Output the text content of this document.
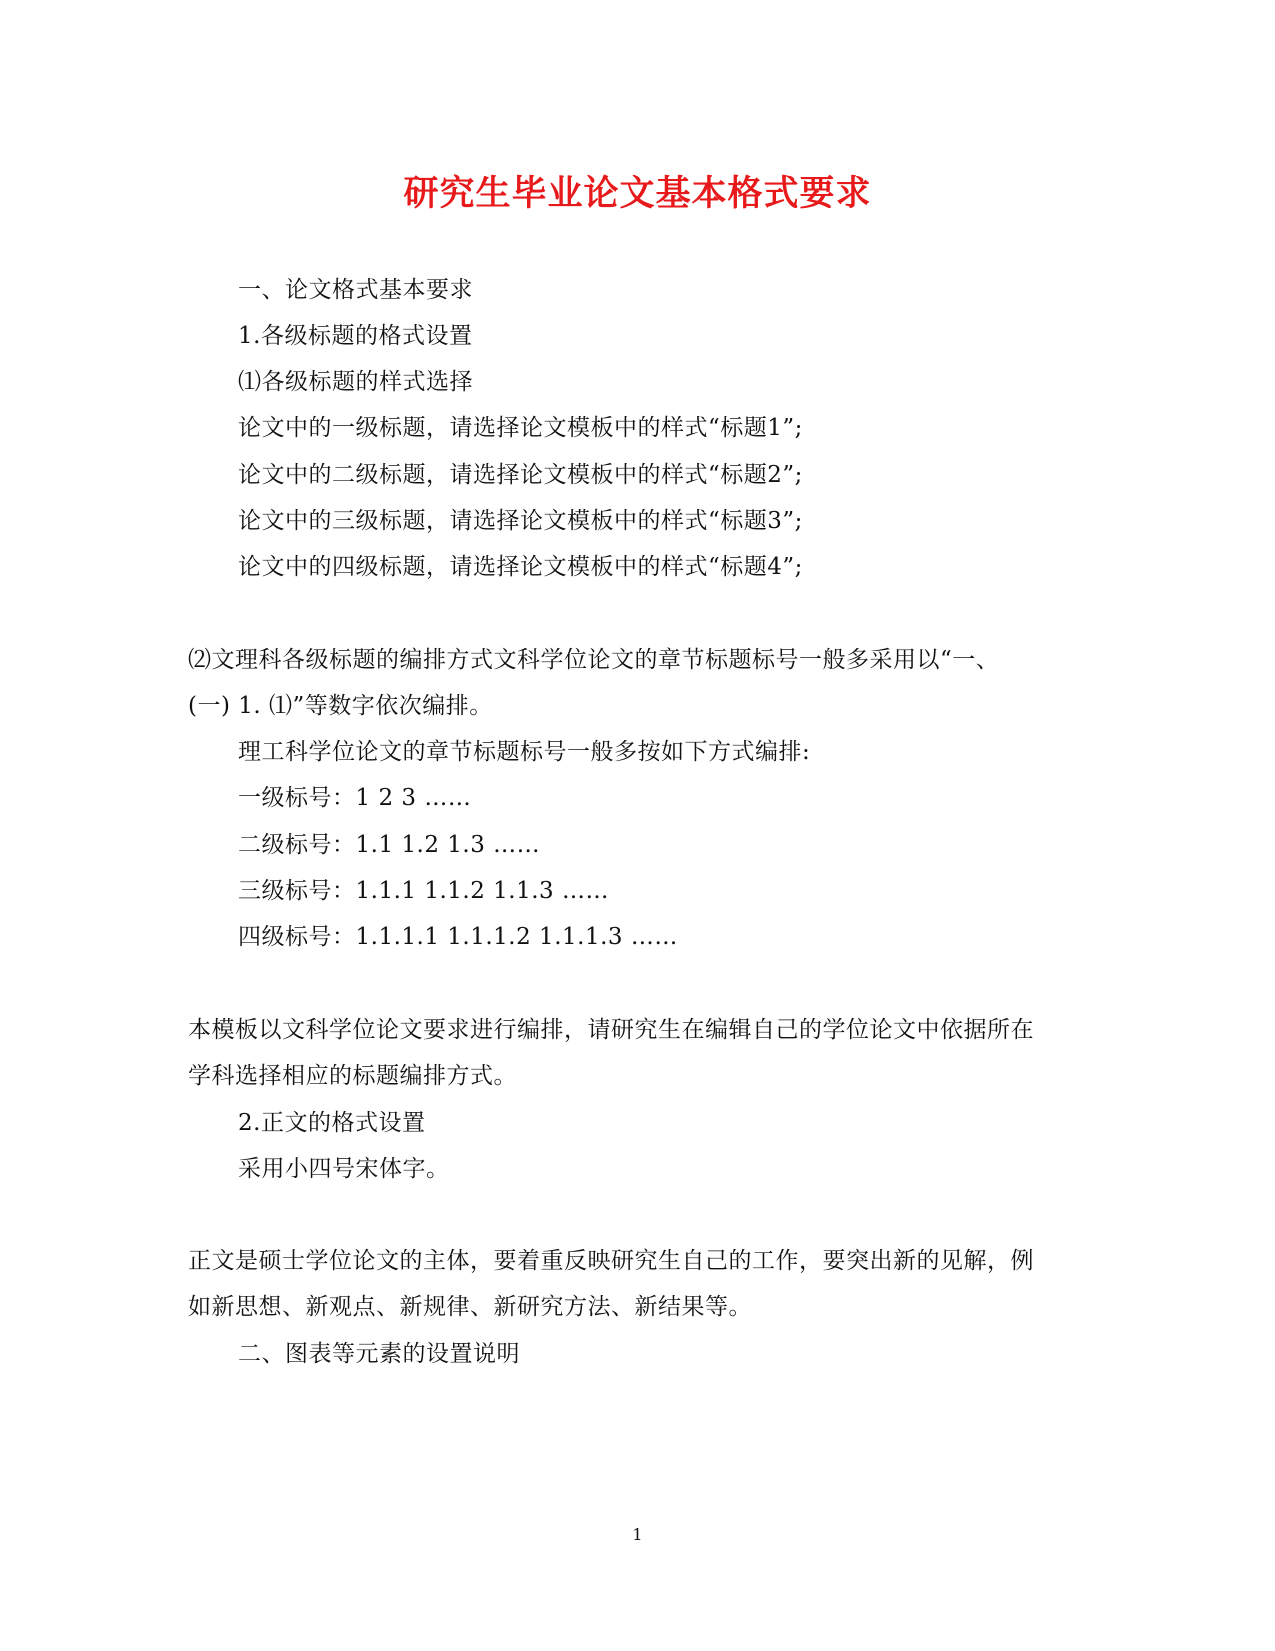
研究生毕业论文基本格式要求
一、论文格式基本要求
1.各级标题的格式设置
⑴各级标题的样式选择
论文中的一级标题，请选择论文模板中的样式“标题1”;
论文中的二级标题，请选择论文模板中的样式“标题2”;
论文中的三级标题，请选择论文模板中的样式“标题3”;
论文中的四级标题，请选择论文模板中的样式“标题4”;
⑵文理科各级标题的编排方式文科学位论文的章节标题标号一般多采用以“一、
(一) 1. ⑴”等数字依次编排。
理工科学位论文的章节标题标号一般多按如下方式编排:
一级标号：1 2 3 ……
二级标号：1.1 1.2 1.3 ……
三级标号：1.1.1 1.1.2 1.1.3 ……
四级标号：1.1.1.1 1.1.1.2 1.1.1.3 ……
本模板以文科学位论文要求进行编排，请研究生在编辑自己的学位论文中依据所在
学科选择相应的标题编排方式。
2.正文的格式设置
采用小四号宋体字。
正文是硕士学位论文的主体，要着重反映研究生自己的工作，要突出新的见解，例
如新思想、新观点、新规律、新研究方法、新结果等。
二、图表等元素的设置说明
1
